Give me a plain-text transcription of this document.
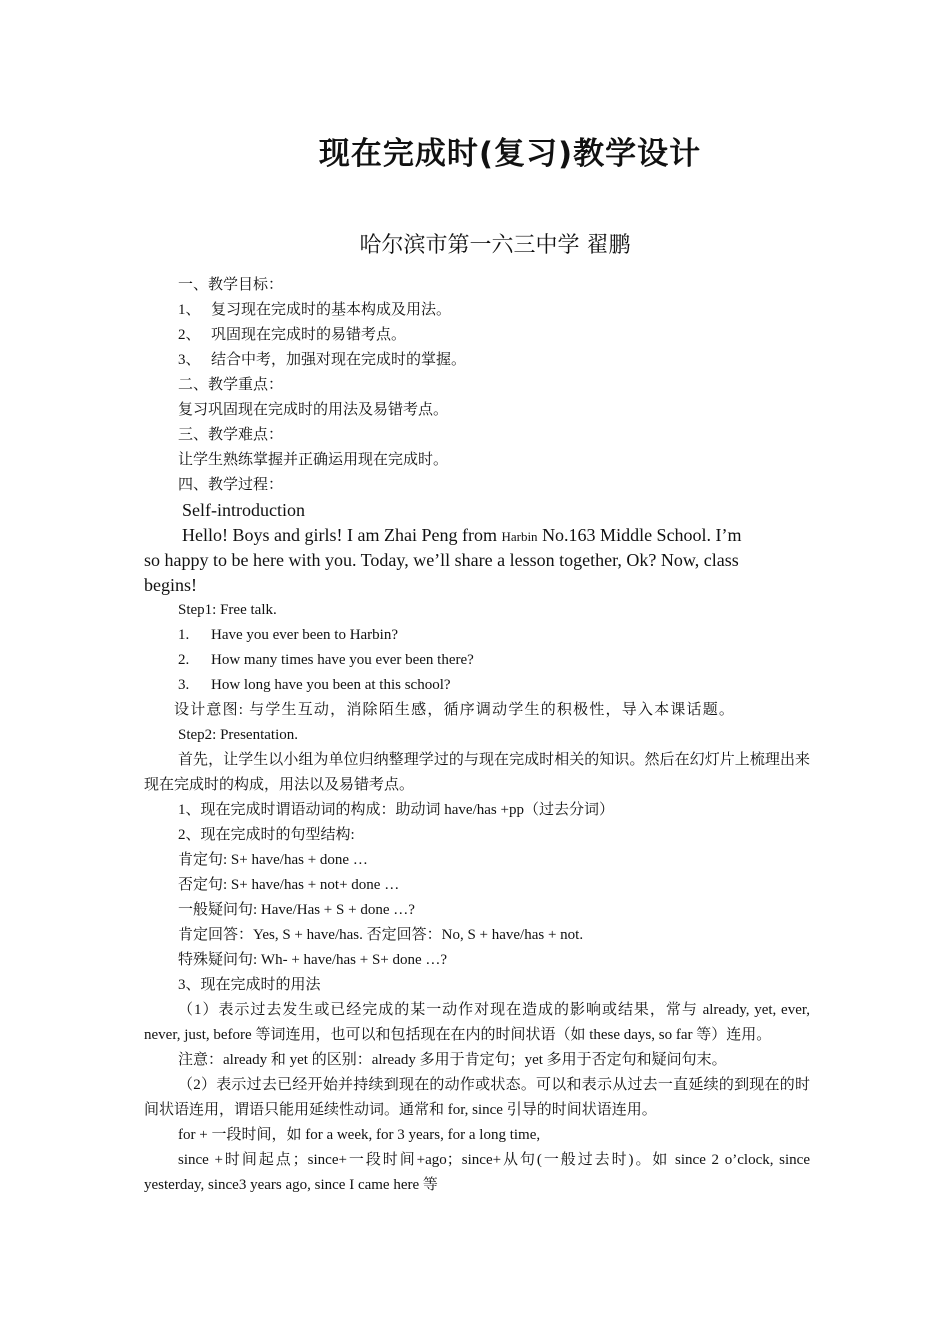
现在完成时(复习)教学设计
哈尔滨市第一六三中学 翟鹏
一、教学目标：
1、 复习现在完成时的基本构成及用法。
2、 巩固现在完成时的易错考点。
3、 结合中考，加强对现在完成时的掌握。
二、教学重点：
复习巩固现在完成时的用法及易错考点。
三、教学难点：
让学生熟练掌握并正确运用现在完成时。
四、教学过程：
Self-introduction
Hello! Boys and girls! I am Zhai Peng from Harbin No.163 Middle School. I’m
so happy to be here with you. Today, we’ll share a lesson together, Ok? Now, class
begins!
Step1: Free talk.
1. Have you ever been to Harbin?
2. How many times have you ever been there?
3. How long have you been at this school?
设计意图: 与学生互动，消除陌生感，循序调动学生的积极性，导入本课话题。
Step2: Presentation.
首先，让学生以小组为单位归纳整理学过的与现在完成时相关的知识。然后在幻灯片上梳理出来现在完成时的构成，用法以及易错考点。
1、现在完成时谓语动词的构成：助动词 have/has +pp（过去分词）
2、现在完成时的句型结构:
肯定句: S+ have/has + done …
否定句: S+ have/has + not+ done …
一般疑问句: Have/Has + S + done …?
肯定回答：Yes, S + have/has. 否定回答：No, S + have/has + not.
特殊疑问句: Wh- + have/has + S+ done …?
3、现在完成时的用法
（1）表示过去发生或已经完成的某一动作对现在造成的影响或结果，常与 already, yet, ever, never, just, before 等词连用，也可以和包括现在在内的时间状语（如 these days, so far 等）连用。
注意：already 和 yet 的区别：already 多用于肯定句；yet 多用于否定句和疑问句末。
（2）表示过去已经开始并持续到现在的动作或状态。可以和表示从过去一直延续的到现在的时间状语连用，谓语只能用延续性动词。通常和 for, since 引导的时间状语连用。
for + 一段时间，如 for a week, for 3 years, for a long time,
since +时间起点；since+一段时间+ago；since+从句(一般过去时)。如 since 2 o’clock, since yesterday, since3 years ago, since I came here 等
